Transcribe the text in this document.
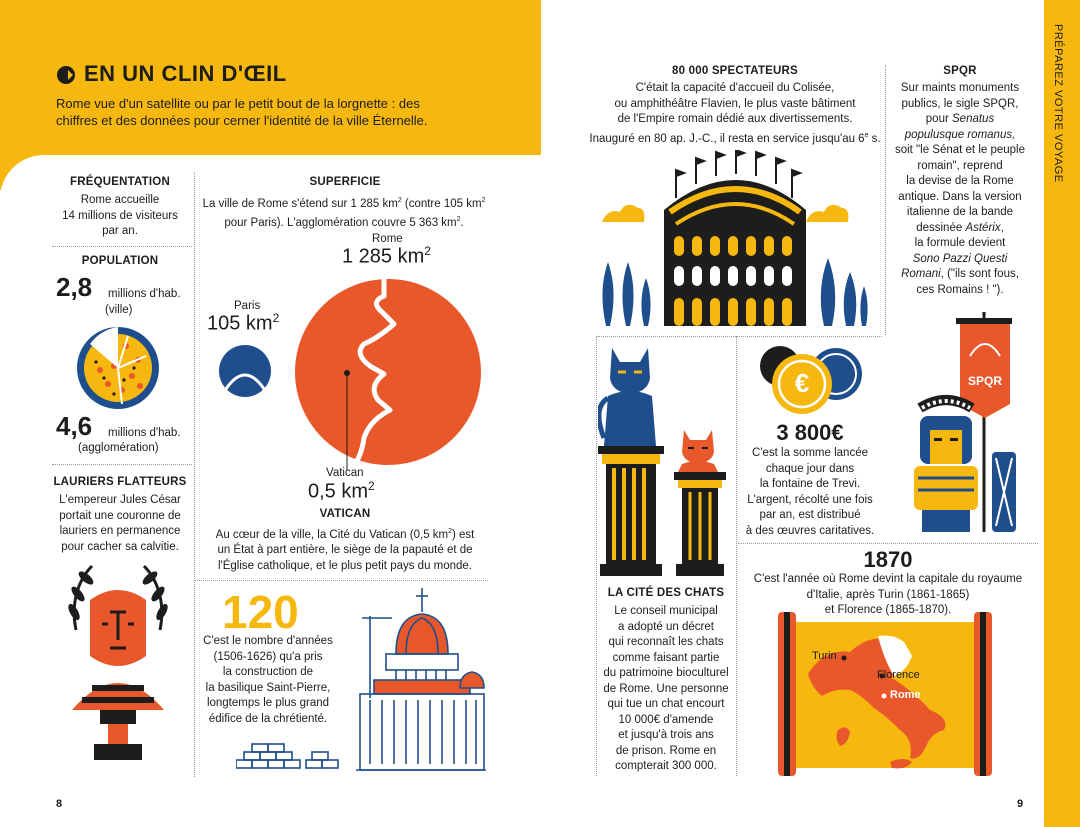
PRÉPAREZ VOTRE VOYAGE
EN UN CLIN D'ŒIL
Rome vue d'un satellite ou par le petit bout de la lorgnette : des
chiffres et des données pour cerner l'identité de la ville Éternelle.
FRÉQUENTATION
Rome accueille
14 millions de visiteurs
par an.
POPULATION
2,8 millions d'hab.
(ville)
4,6 millions d'hab.
(agglomération)
LAURIERS FLATTEURS
L'empereur Jules César
portait une couronne de
lauriers en permanence
pour cacher sa calvitie.
SUPERFICIE
La ville de Rome s'étend sur 1 285 $km^2$ (contre 105 $km^2$
pour Paris). L'agglomération couvre 5 363 $km^2$.
Rome
1 285 $km^2$
Paris
105 $km^2$
Vatican
0,5 $km^2$
VATICAN
Au cœur de la ville, la Cité du Vatican (0,5 $km^2$) est
un État à part entière, le siège de la papauté et de
l'Église catholique, et le plus petit pays du monde.
120
C'est le nombre d'années
(1506-1626) qu'a pris
la construction de
la basilique Saint-Pierre,
longtemps le plus grand
édifice de la chrétienté.
80 000 SPECTATEURS
C'était la capacité d'accueil du Colisée,
ou amphithéâtre Flavien, le plus vaste bâtiment
de l'Empire romain dédié aux divertissements.
Inauguré en 80 ap. J.-C., il resta en service jusqu'au 6e s.
SPQR
Sur maints monuments
publics, le sigle SPQR,
pour Senatus
populusque romanus,
soit "le Sénat et le peuple
romain", reprend
la devise de la Rome
antique. Dans la version
italienne de la bande
dessinée Astérix,
la formule devient
Sono Pazzi Questi
Romani, ("ils sont fous,
ces Romains ! ").
SPQR
LA CITÉ DES CHATS
Le conseil municipal
a adopté un décret
qui reconnaît les chats
comme faisant partie
du patrimoine bioculturel
de Rome. Une personne
qui tue un chat encourt
10 000€ d'amende
et jusqu'à trois ans
de prison. Rome en
compterait 300 000.
€
3 800€
C'est la somme lancée
chaque jour dans
la fontaine de Trevi.
L'argent, récolté une fois
par an, est distribué
à des œuvres caritatives.
1870
C'est l'année où Rome devint la capitale du royaume
d'Italie, après Turin (1861-1865)
et Florence (1865-1870).
Turin
Florence
Rome
8	9
